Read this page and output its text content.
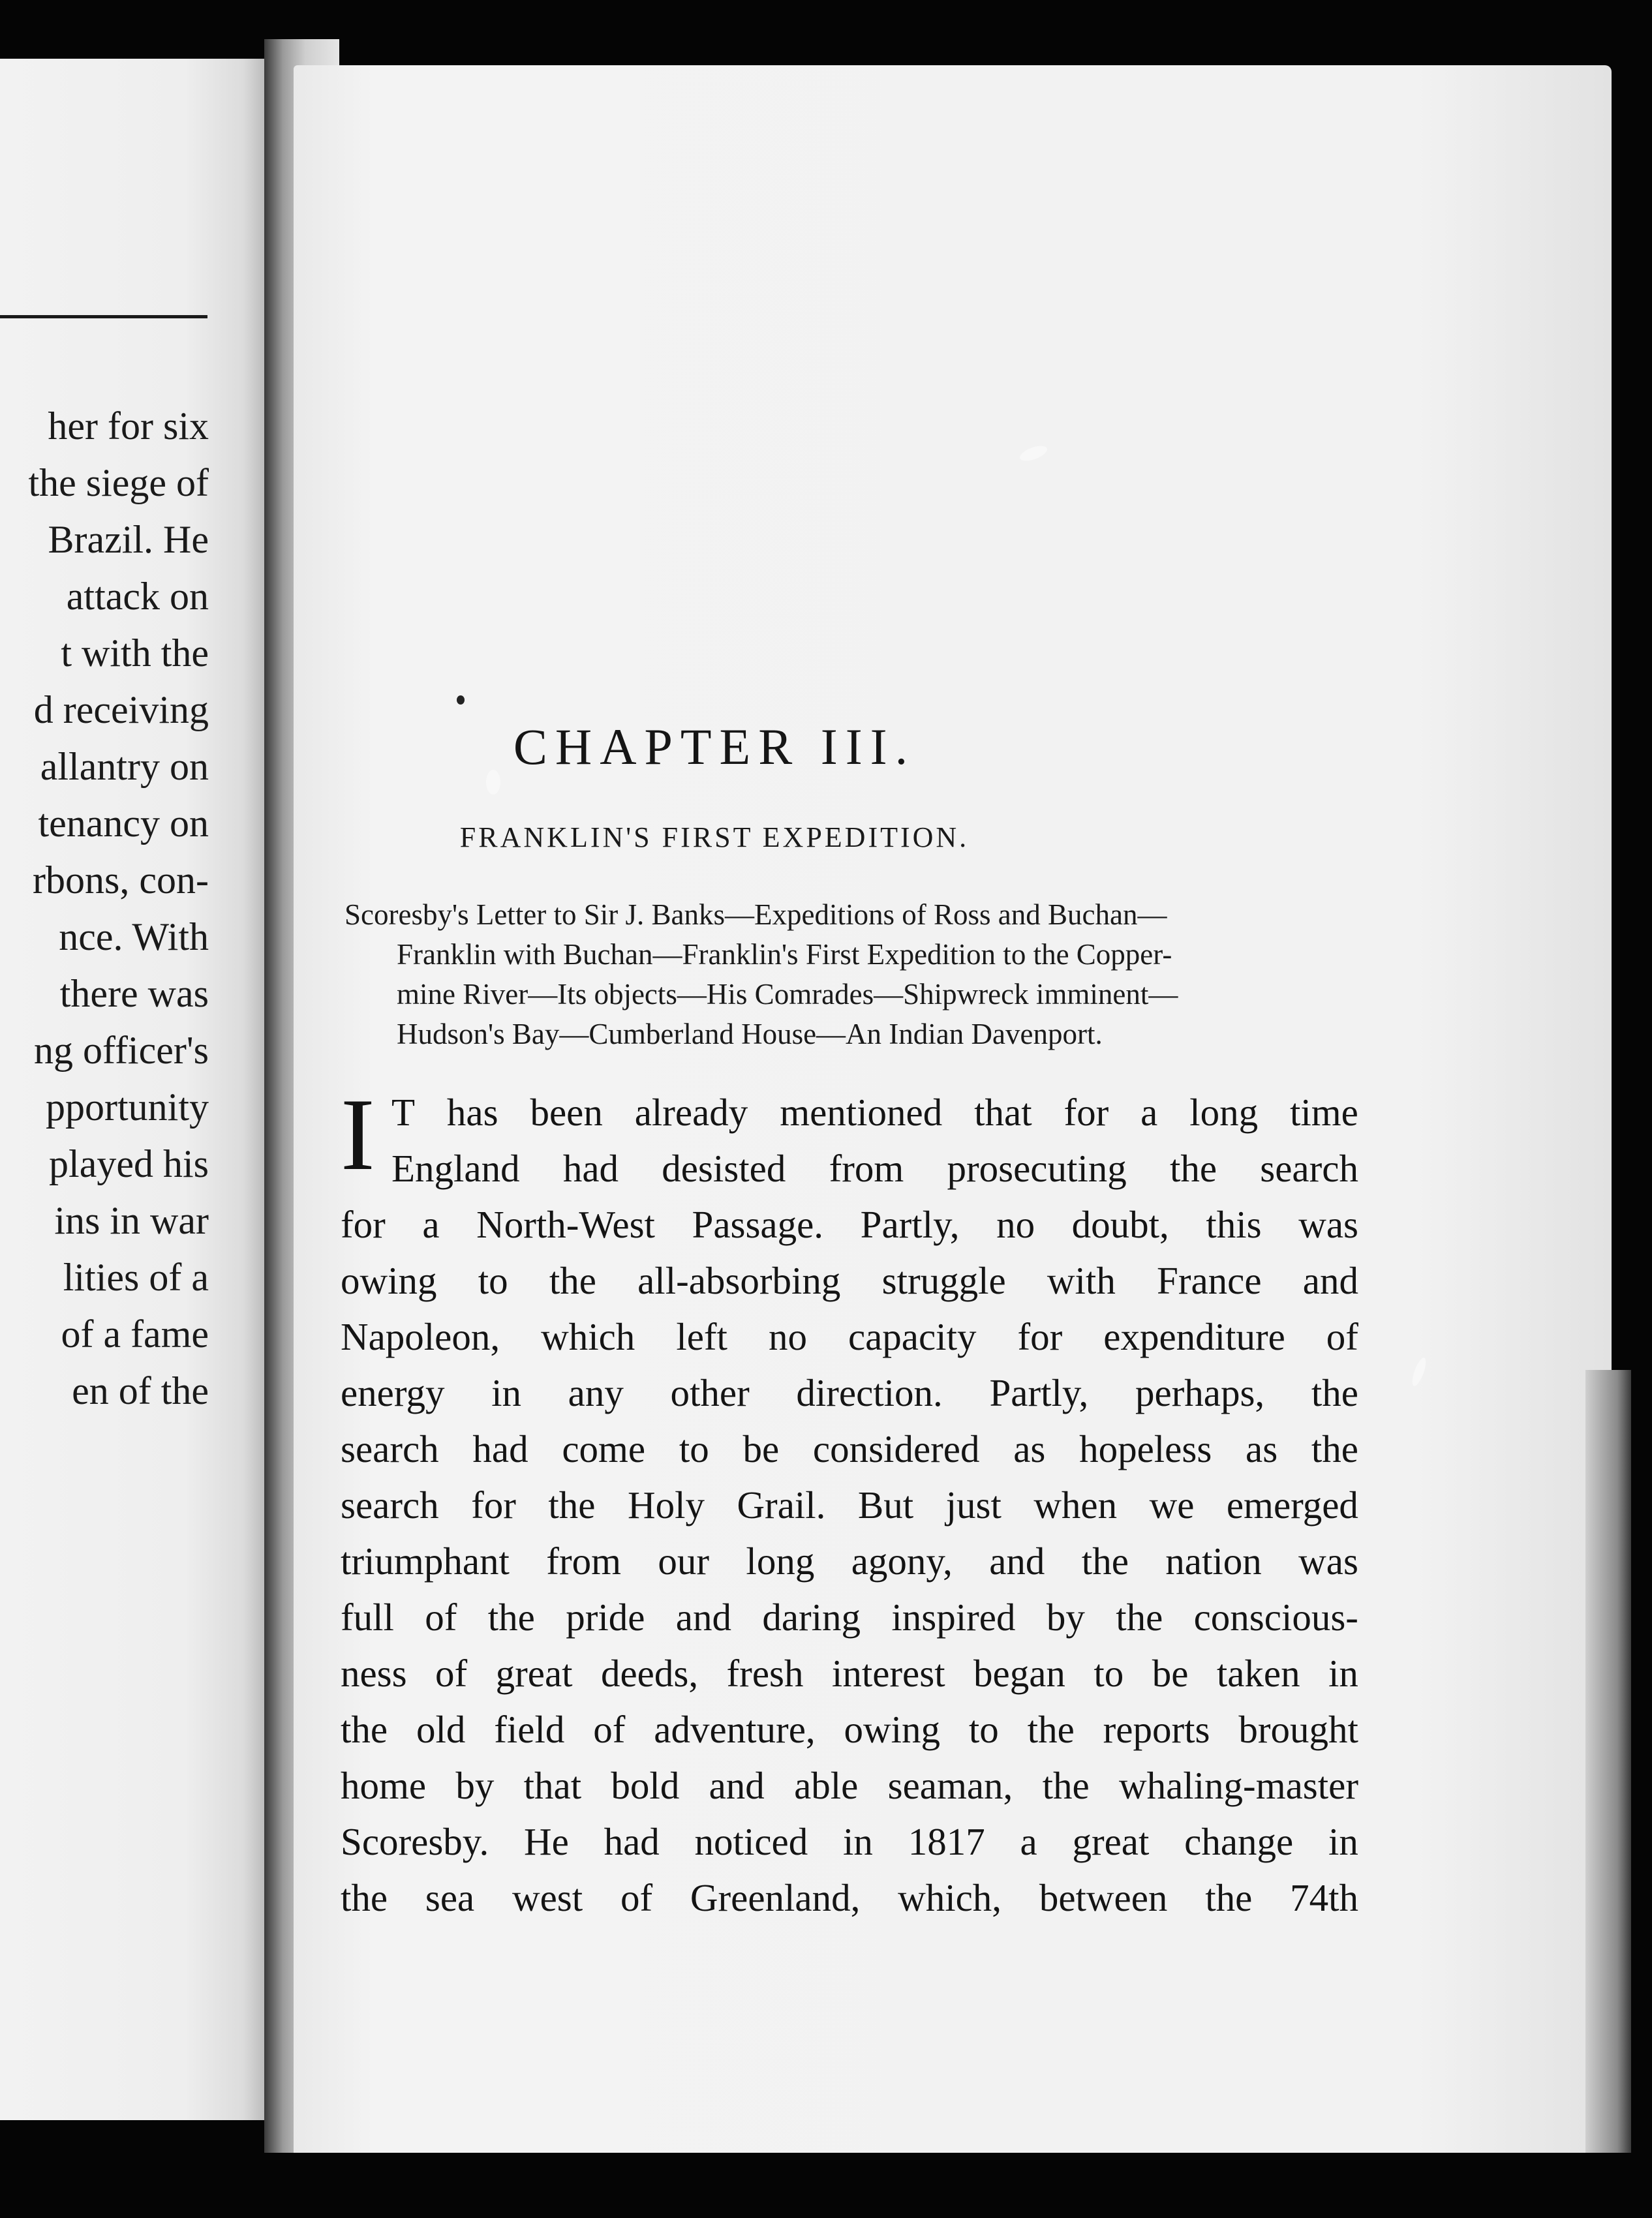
her for six
the siege of
Brazil. He
attack on
t with the
d receiving
allantry on
tenancy on
rbons, con-
nce. With
there was
ng officer's
pportunity
played his
ins in war
lities of a
of a fame
en of the
CHAPTER III.
FRANKLIN'S FIRST EXPEDITION.
Scoresby's Letter to Sir J. Banks—Expeditions of Ross and Buchan—
Franklin with Buchan—Franklin's First Expedition to the Copper-
mine River—Its objects—His Comrades—Shipwreck imminent—
Hudson's Bay—Cumberland House—An Indian Davenport.
I T has been already mentioned that for a long time
England had desisted from prosecuting the search
for a North-West Passage. Partly, no doubt, this was
owing to the all-absorbing struggle with France and
Napoleon, which left no capacity for expenditure of
energy in any other direction. Partly, perhaps, the
search had come to be considered as hopeless as the
search for the Holy Grail. But just when we emerged
triumphant from our long agony, and the nation was
full of the pride and daring inspired by the conscious-
ness of great deeds, fresh interest began to be taken in
the old field of adventure, owing to the reports brought
home by that bold and able seaman, the whaling-master
Scoresby. He had noticed in 1817 a great change in
the sea west of Greenland, which, between the 74th
